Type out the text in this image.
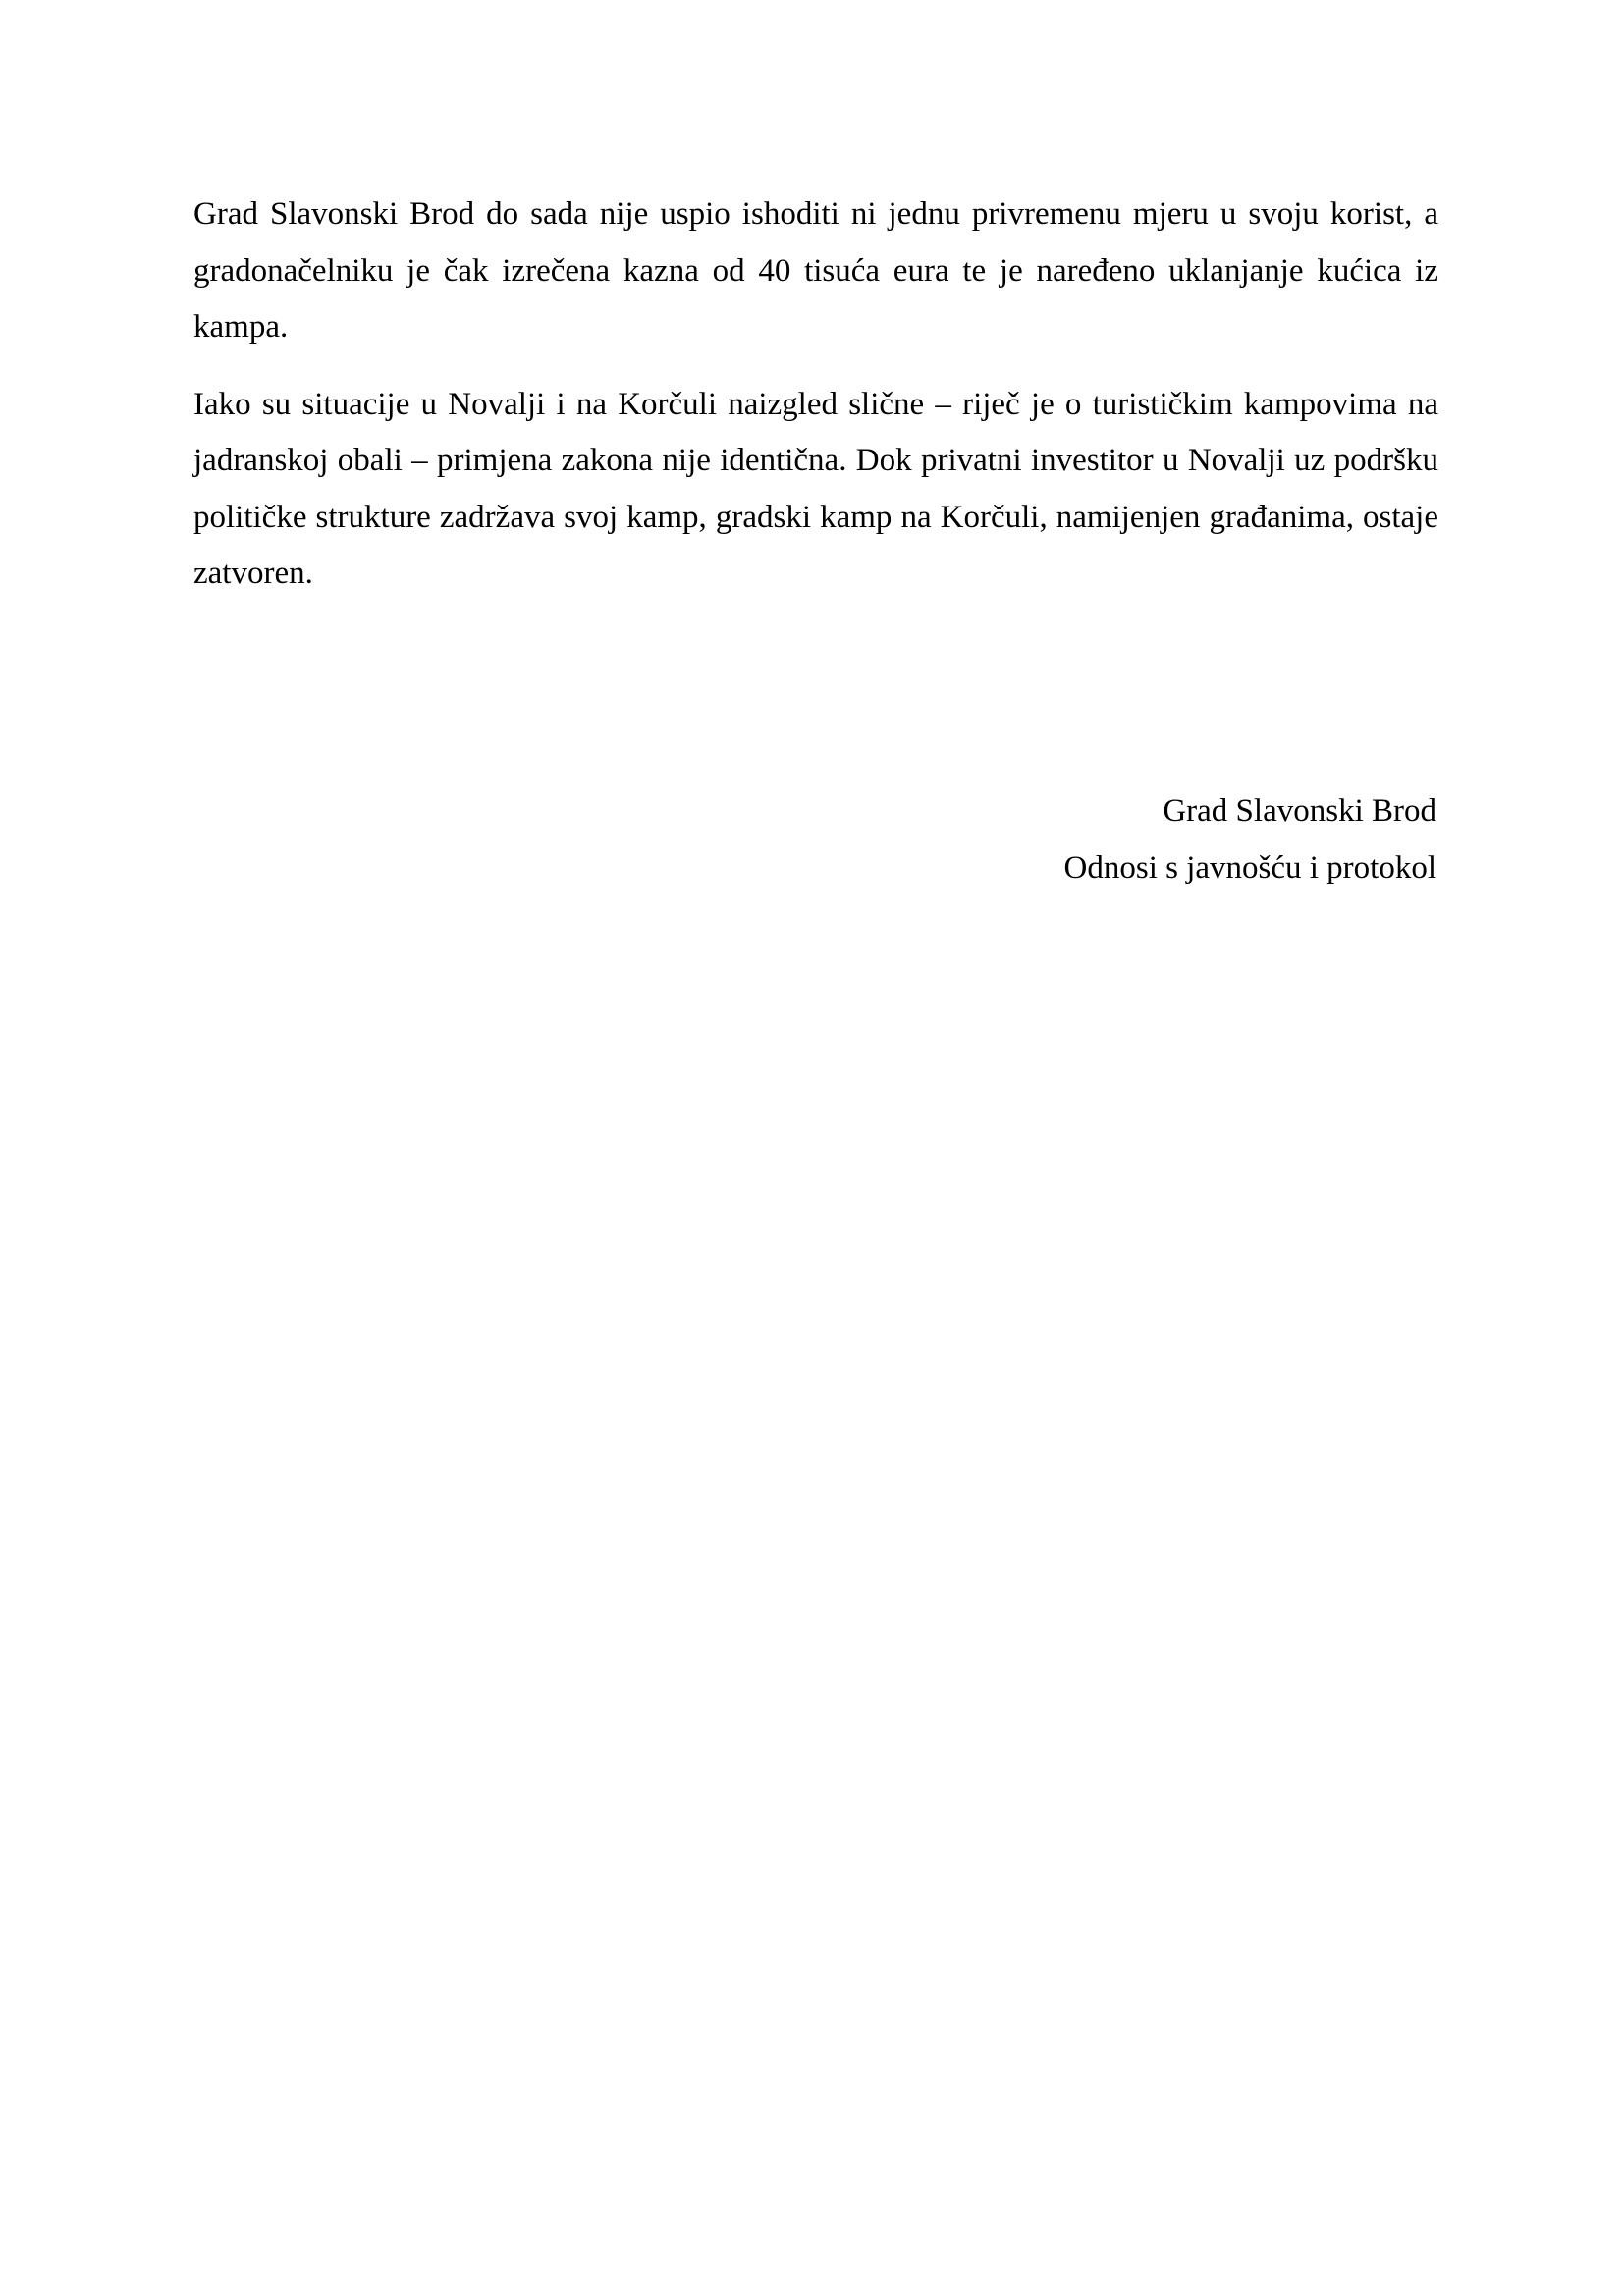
Grad Slavonski Brod do sada nije uspio ishoditi ni jednu privremenu mjeru u svoju korist, a gradonačelniku je čak izrečena kazna od 40 tisuća eura te je naređeno uklanjanje kućica iz kampa.

Iako su situacije u Novalji i na Korčuli naizgled slične – riječ je o turističkim kampovima na jadranskoj obali – primjena zakona nije identična. Dok privatni investitor u Novalji uz podršku političke strukture zadržava svoj kamp, gradski kamp na Korčuli, namijenjen građanima, ostaje zatvoren.

Grad Slavonski Brod
Odnosi s javnošću i protokol
